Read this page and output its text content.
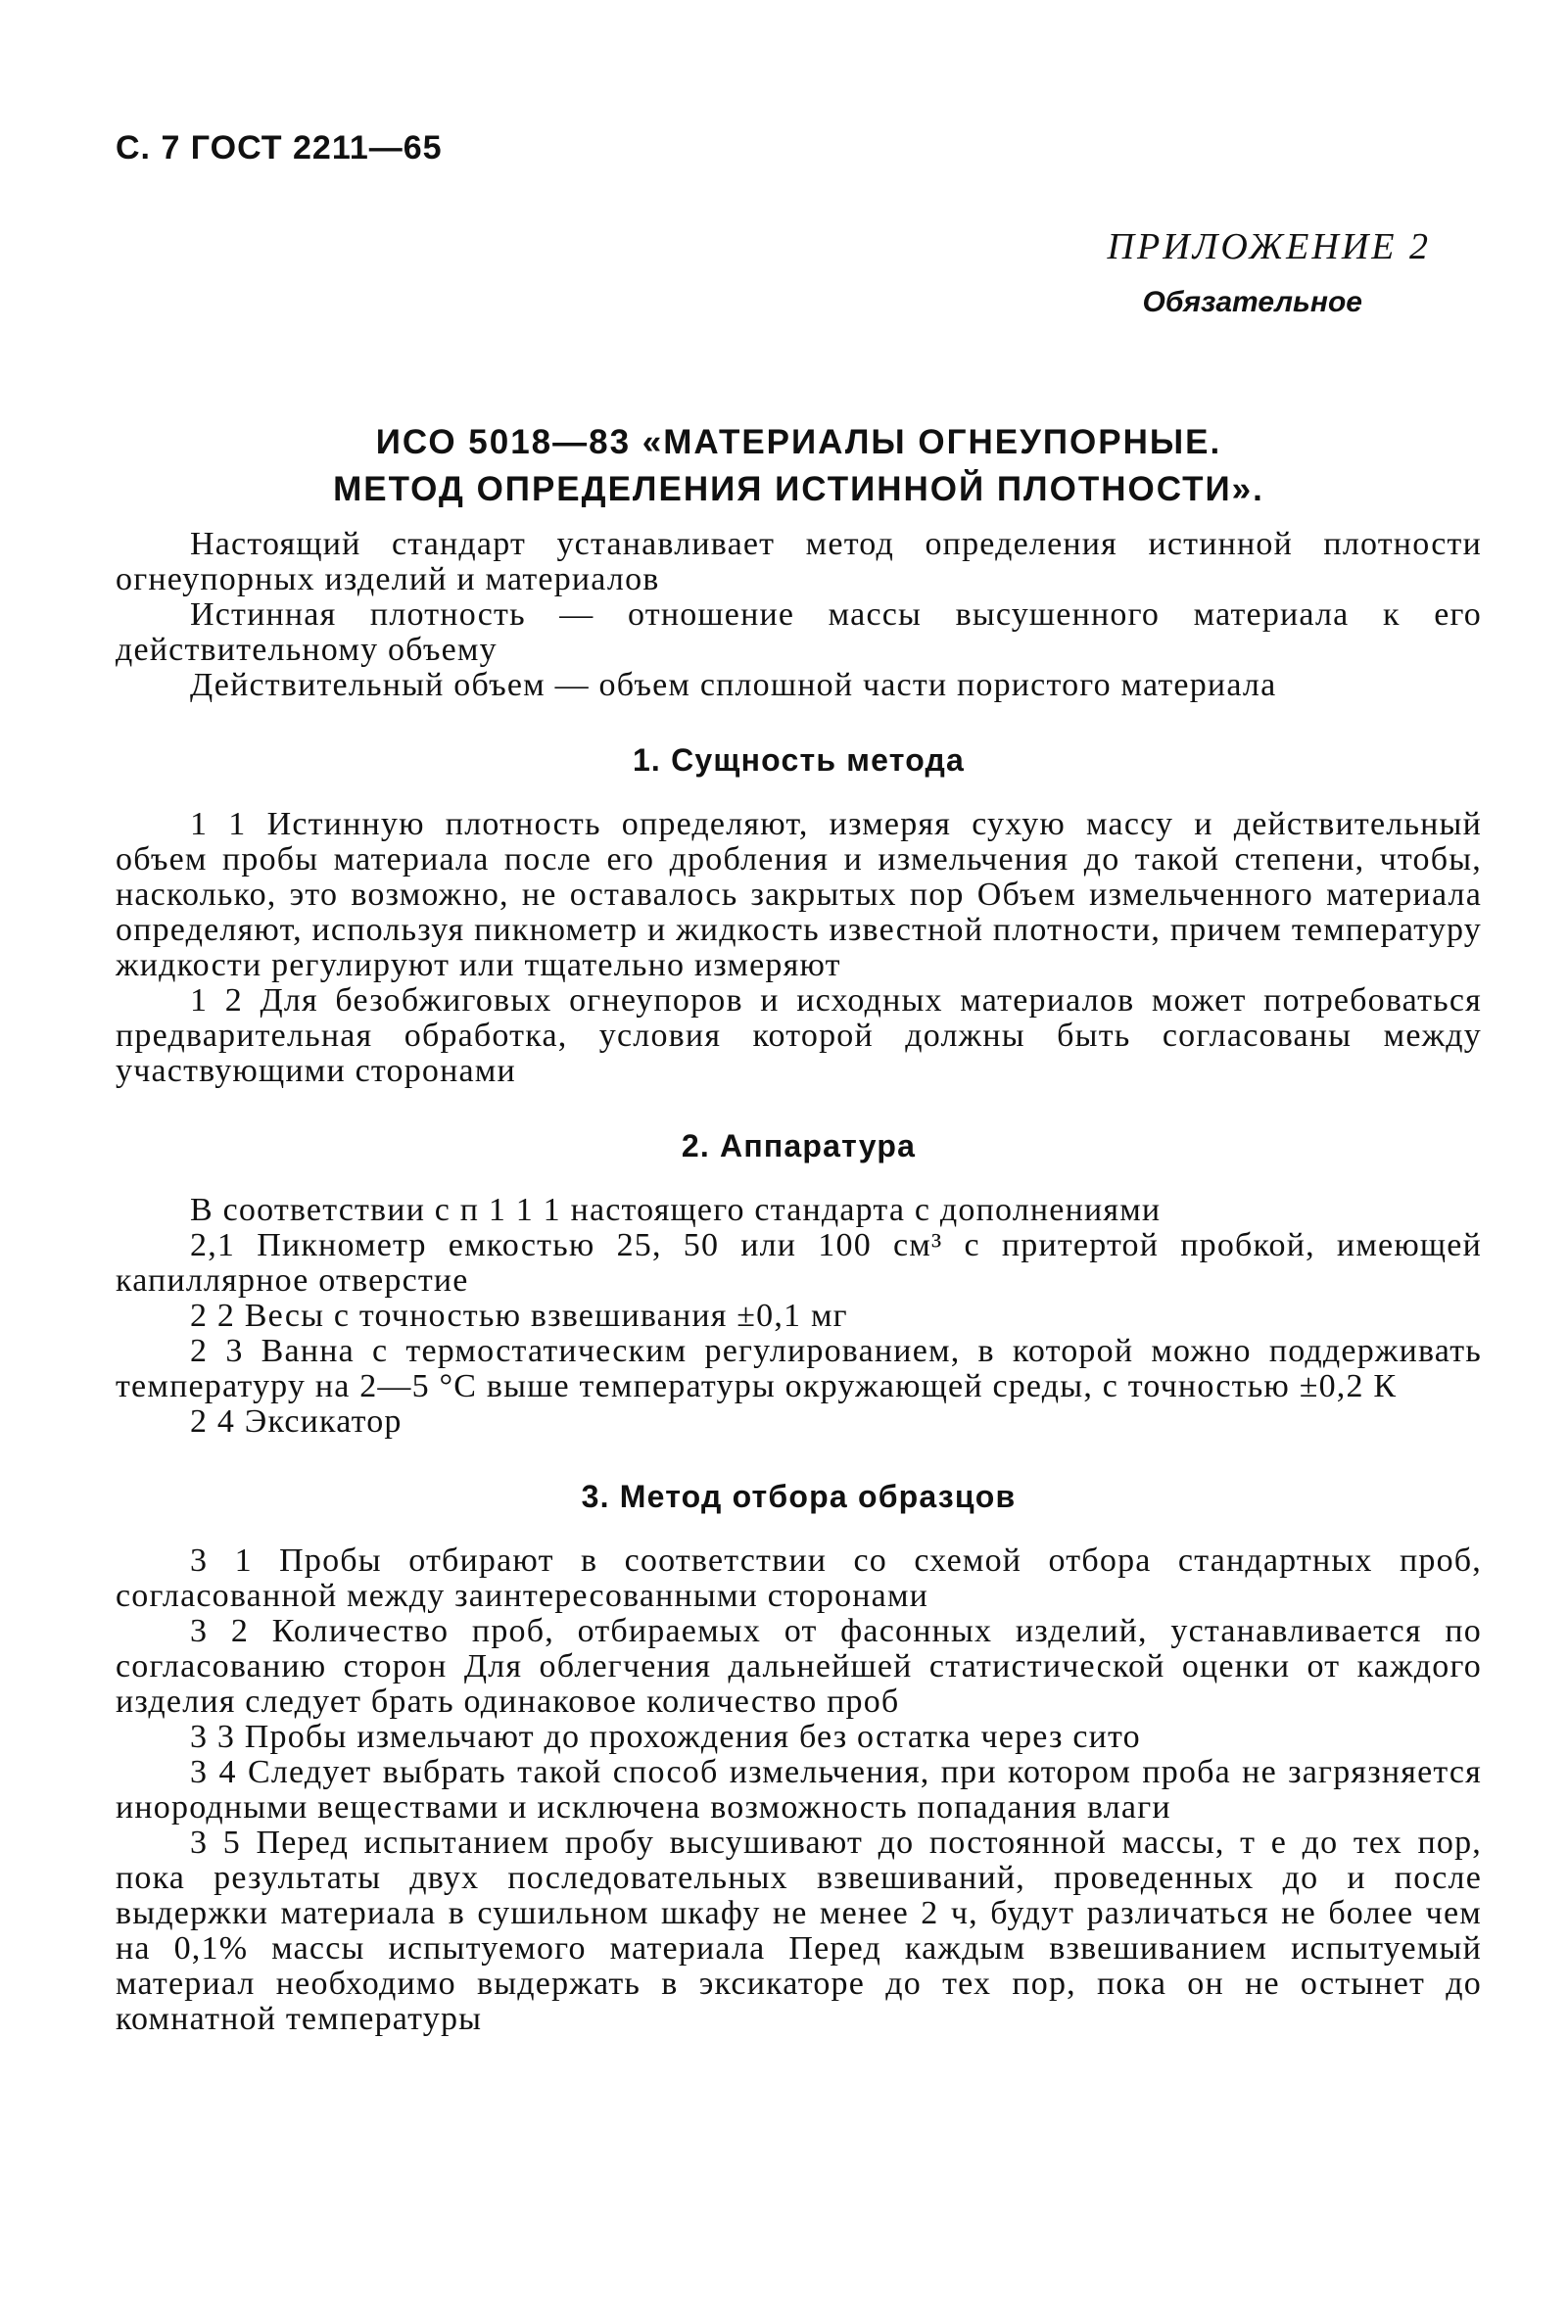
С. 7 ГОСТ 2211—65
ПРИЛОЖЕНИЕ 2
Обязательное
ИСО 5018—83 «МАТЕРИАЛЫ ОГНЕУПОРНЫЕ.
МЕТОД ОПРЕДЕЛЕНИЯ ИСТИННОЙ ПЛОТНОСТИ».

Настоящий стандарт устанавливает метод определения истинной плотности огнеупорных изделий и материалов

Истинная плотность — отношение массы высушенного материала к его действительному объему

Действительный объем — объем сплошной части пористого материала

1. Сущность метода

1 1 Истинную плотность определяют, измеряя сухую массу и действительный объем пробы материала после его дробления и измельчения до такой степени, чтобы, насколько, это возможно, не оставалось закрытых пор Объем измельченного материала определяют, используя пикнометр и жидкость известной плотности, причем температуру жидкости регулируют или тщательно измеряют

1 2 Для безобжиговых огнеупоров и исходных материалов может потребоваться предварительная обработка, условия которой должны быть согласованы между участвующими сторонами

2. Аппаратура

В соответствии с п 1 1 1 настоящего стандарта с дополнениями

2,1 Пикнометр емкостью 25, 50 или 100 см³ с притертой пробкой, имеющей капиллярное отверстие

2 2 Весы с точностью взвешивания ±0,1 мг

2 3 Ванна с термостатическим регулированием, в которой можно поддерживать температуру на 2—5 °С выше температуры окружающей среды, с точностью ±0,2 К

2 4 Эксикатор

3. Метод отбора образцов

3 1 Пробы отбирают в соответствии со схемой отбора стандартных проб, согласованной между заинтересованными сторонами

3 2 Количество проб, отбираемых от фасонных изделий, устанавливается по согласованию сторон Для облегчения дальнейшей статистической оценки от каждого изделия следует брать одинаковое количество проб

3 3 Пробы измельчают до прохождения без остатка через сито

3 4 Следует выбрать такой способ измельчения, при котором проба не загрязняется инородными веществами и исключена возможность попадания влаги

3 5 Перед испытанием пробу высушивают до постоянной массы, т е до тех пор, пока результаты двух последовательных взвешиваний, проведенных до и после выдержки материала в сушильном шкафу не менее 2 ч, будут различаться не более чем на 0,1% массы испытуемого материала Перед каждым взвешиванием испытуемый материал необходимо выдержать в эксикаторе до тех пор, пока он не остынет до комнатной температуры
